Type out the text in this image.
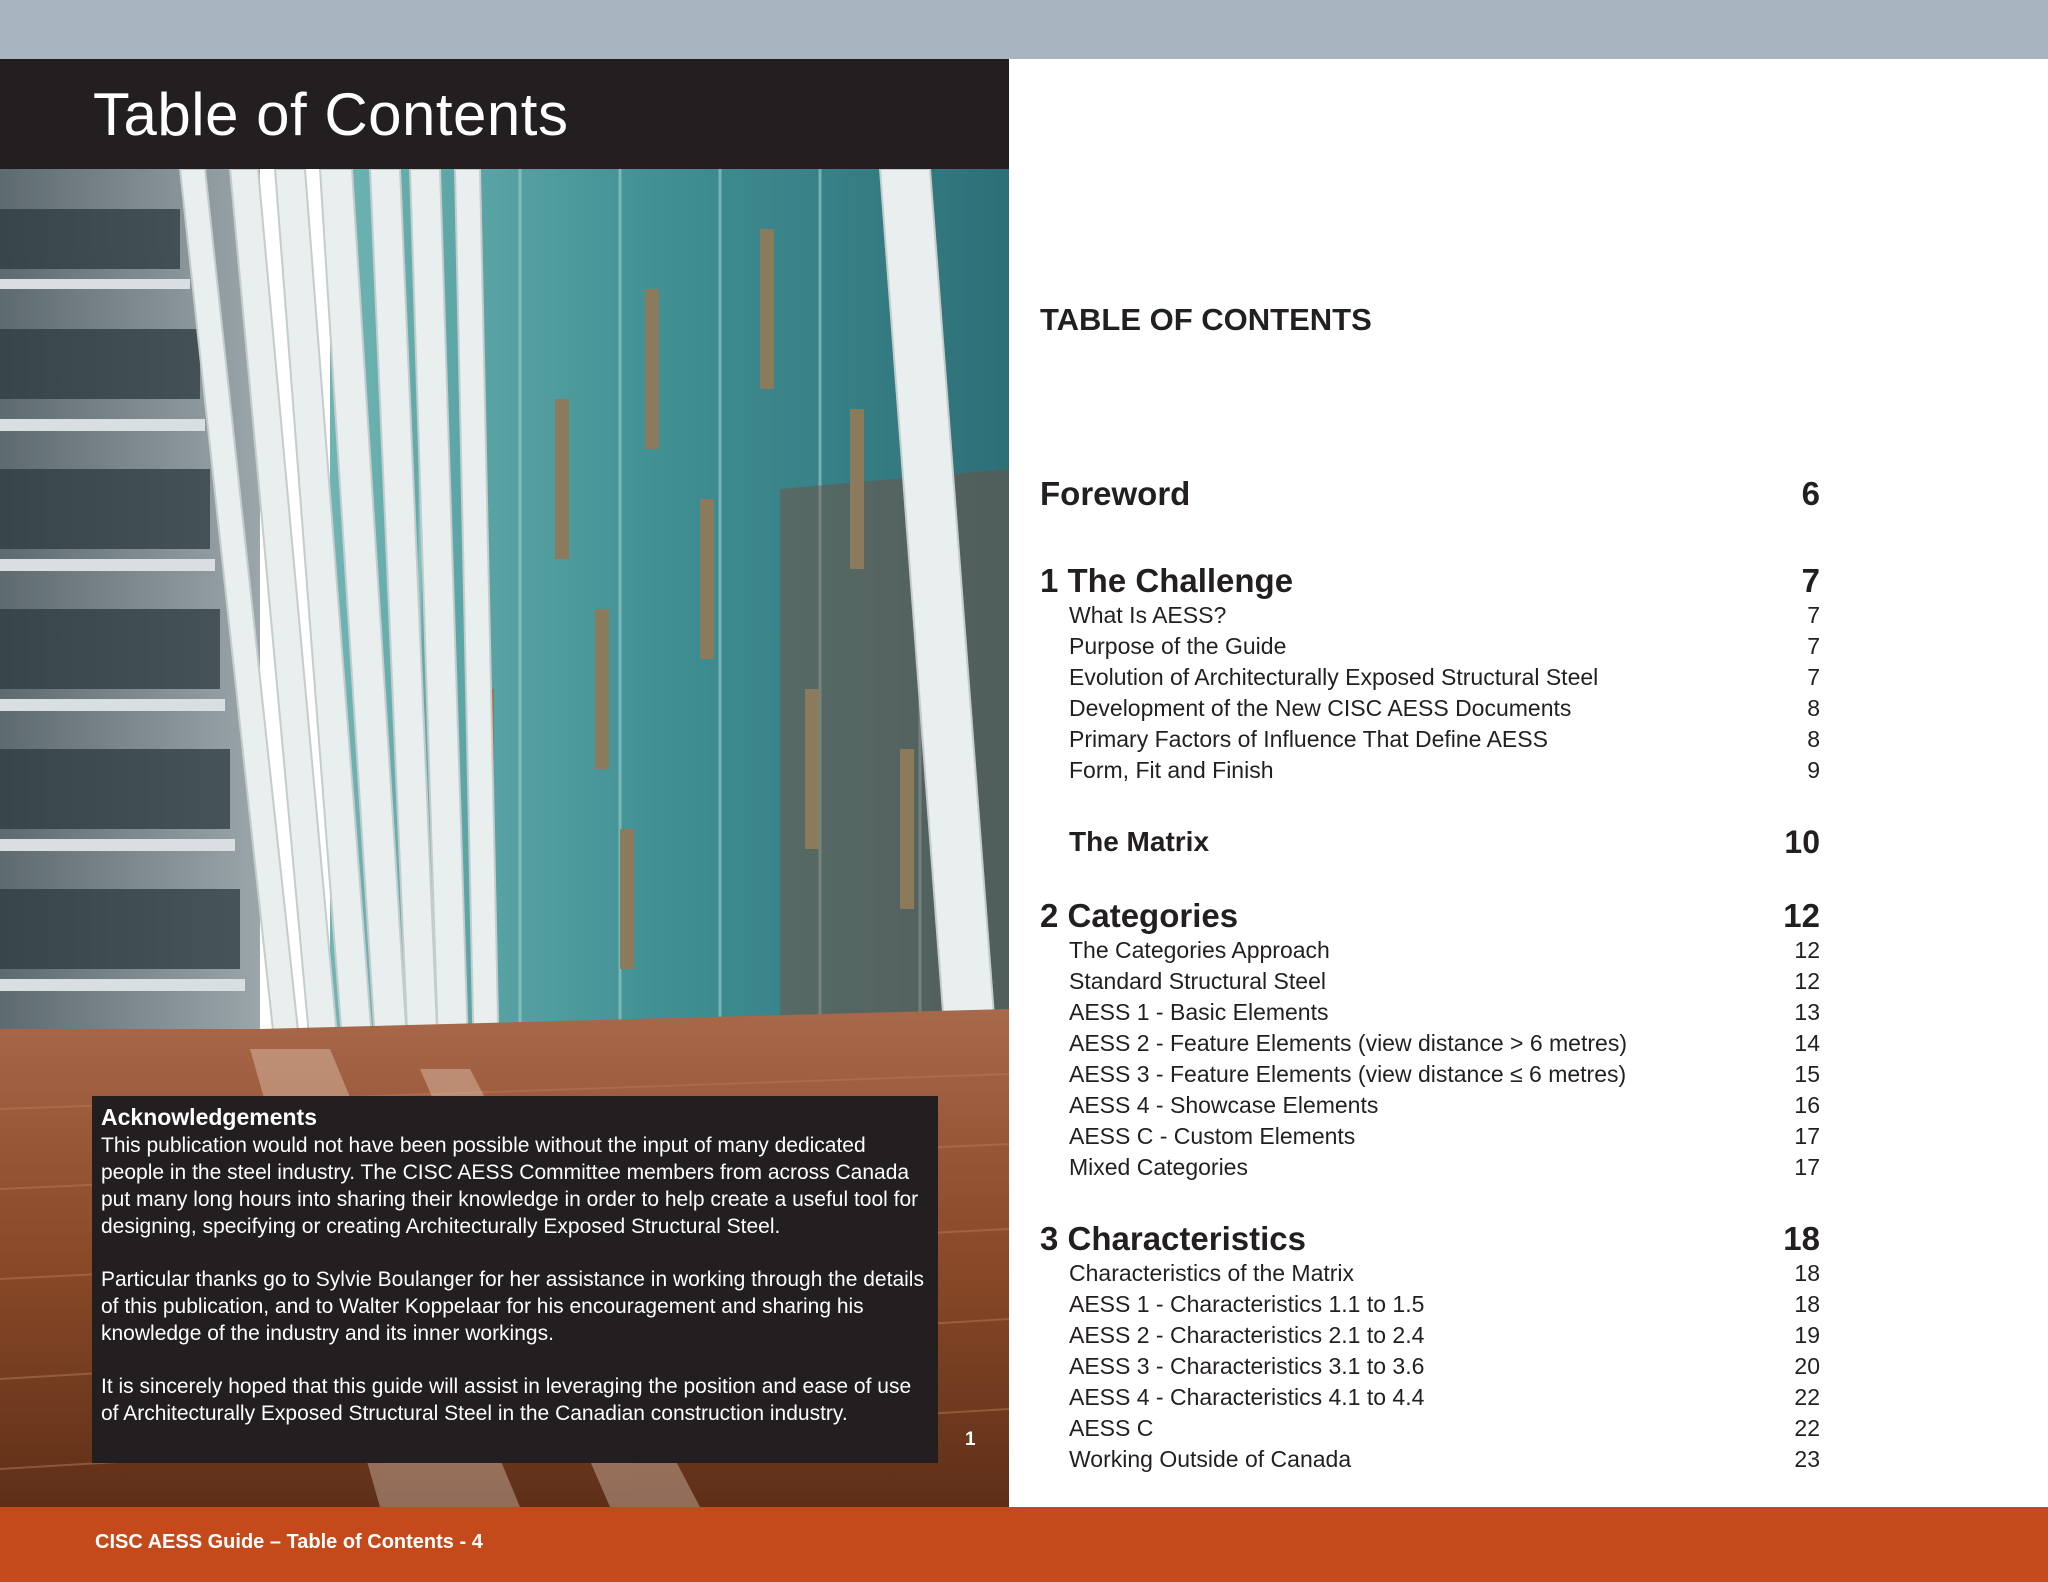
Table of Contents
Acknowledgements

This publication would not have been possible without the input of many dedicated people in the steel industry. The CISC AESS Committee members from across Canada put many long hours into sharing their knowledge in order to help create a useful tool for designing, specifying or creating Architecturally Exposed Structural Steel.

Particular thanks go to Sylvie Boulanger for her assistance in working through the details of this publication, and to Walter Koppelaar for his encouragement and sharing his knowledge of the industry and its inner workings.

It is sincerely hoped that this guide will assist in leveraging the position and ease of use of Architecturally Exposed Structural Steel in the Canadian construction industry.

1
TABLE OF CONTENTS
Foreword	6
1 The Challenge	7
What Is AESS?	7
Purpose of the Guide	7
Evolution of Architecturally Exposed Structural Steel	7
Development of the New CISC AESS Documents	8
Primary Factors of Influence That Define AESS	8
Form, Fit and Finish	9
The Matrix	10
2 Categories	12
The Categories Approach	12
Standard Structural Steel	12
AESS 1 - Basic Elements	13
AESS 2 - Feature Elements (view distance > 6 metres)	14
AESS 3 - Feature Elements (view distance ≤ 6 metres)	15
AESS 4 - Showcase Elements	16
AESS C - Custom Elements	17
Mixed Categories	17
3 Characteristics	18
Characteristics of the Matrix	18
AESS 1 - Characteristics 1.1 to 1.5	18
AESS 2 - Characteristics 2.1 to 2.4	19
AESS 3 - Characteristics 3.1 to 3.6	20
AESS 4 - Characteristics 4.1 to 4.4	22
AESS C	22
Working Outside of Canada	23
CISC AESS Guide – Table of Contents - 4
